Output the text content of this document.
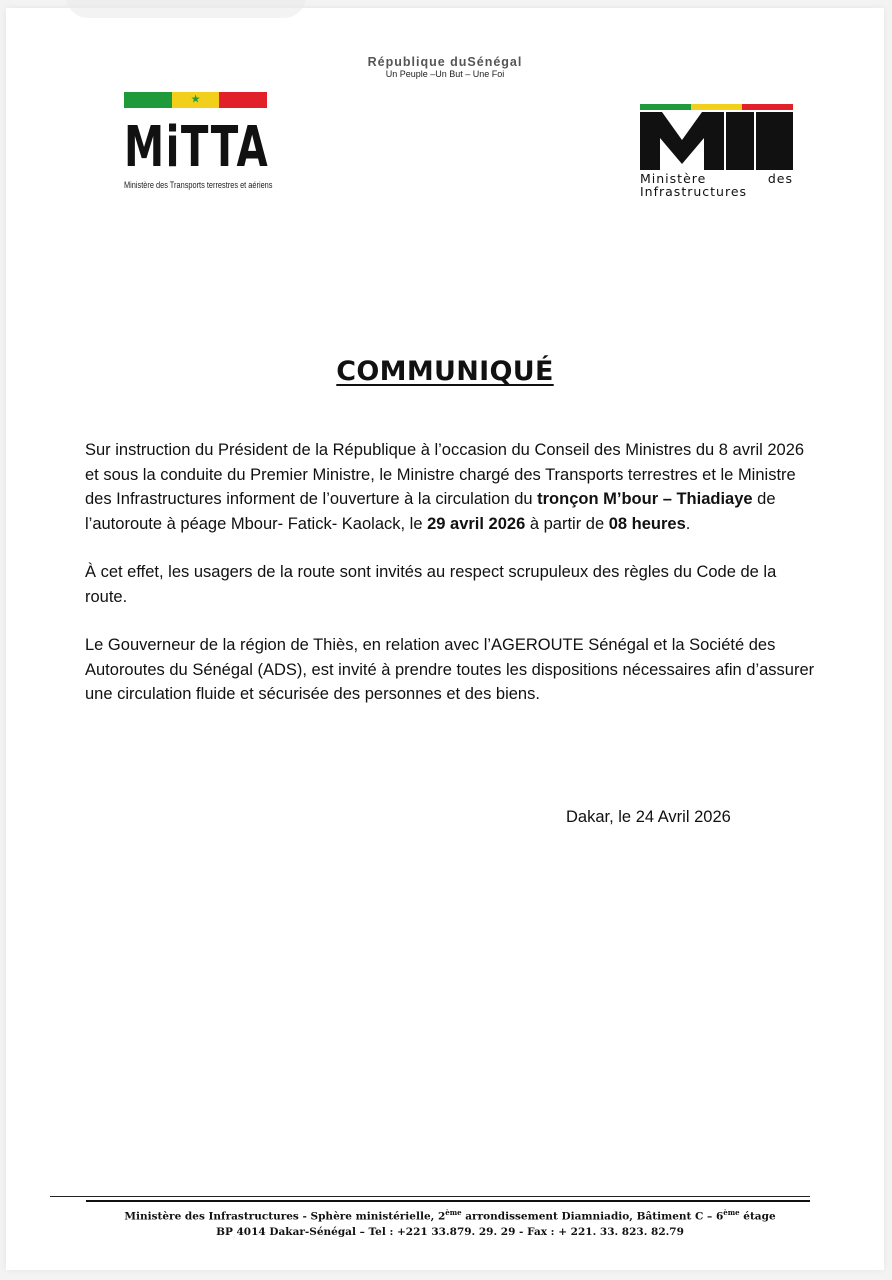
République duSénégal
Un Peuple –Un But – Une Foi
★
MiTTA
Ministère des Transports terrestres et aériens	Ministère	des
Infrastructures
COMMUNIQUÉ

Sur instruction du Président de la République à l’occasion du Conseil des Ministres du 8 avril 2026 et sous la conduite du Premier Ministre, le Ministre chargé des Transports terrestres et le Ministre des Infrastructures informent de l’ouverture à la circulation du tronçon M’bour – Thiadiaye de l’autoroute à péage Mbour- Fatick- Kaolack, le 29 avril 2026 à partir de 08 heures.

À cet effet, les usagers de la route sont invités au respect scrupuleux des règles du Code de la route.

Le Gouverneur de la région de Thiès, en relation avec l’AGEROUTE Sénégal et la Société des Autoroutes du Sénégal (ADS), est invité à prendre toutes les dispositions nécessaires afin d’assurer une circulation fluide et sécurisée des personnes et des biens.

Dakar, le 24 Avril 2026
Ministère des Infrastructures - Sphère ministérielle, 2ème arrondissement Diamniadio, Bâtiment C – 6ème étage
BP 4014 Dakar-Sénégal – Tel : +221 33.879. 29. 29 - Fax : + 221. 33. 823. 82.79
